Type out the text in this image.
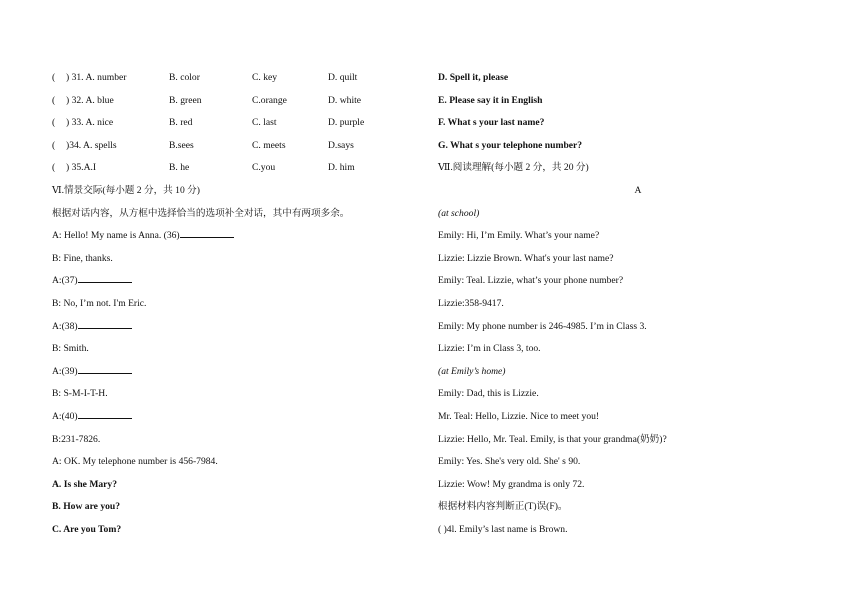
( ) 31. A. number	B. color	C. key	D. quilt
( ) 32. A. blue	B. green	C.orange	D. white
( ) 33. A. nice	B. red	C. last	D. purple
( )34. A. spells	B.sees	C. meets	D.says
( ) 35.A.I	B. he	C.you	D. him
Ⅵ.情景交际(每小题 2 分，共 10 分)
根据对话内容，从方框中选择恰当的选项补全对话，其中有两项多余。
A: Hello! My name is Anna. (36)
B: Fine, thanks.
A:(37)
B: No, I’m not. I'm Eric.
A:(38)
B: Smith.
A:(39)
B: S-M-I-T-H.
A:(40)
B:231-7826.
A: OK. My telephone number is 456-7984.
A. Is she Mary?
B. How are you?
C. Are you Tom?
D. Spell it, please
E. Please say it in English
F. What s your last name?
G. What s your telephone number?
Ⅶ.阅读理解(每小题 2 分，共 20 分)
A
(at school)
Emily: Hi, I’m Emily. What’s your name?
Lizzie: Lizzie Brown. What's your last name?
Emily: Teal. Lizzie, what’s your phone number?
Lizzie:358-9417.
Emily: My phone number is 246-4985. I’m in Class 3.
Lizzie: I’m in Class 3, too.
(at Emily’s home)
Emily: Dad, this is Lizzie.
Mr. Teal: Hello, Lizzie. Nice to meet you!
Lizzie: Hello, Mr. Teal. Emily, is that your grandma(奶奶)?
Emily: Yes. She's very old. She' s 90.
Lizzie: Wow! My grandma is only 72.
根据材料内容判断正(T)误(F)。
( )4l. Emily’s last name is Brown.
